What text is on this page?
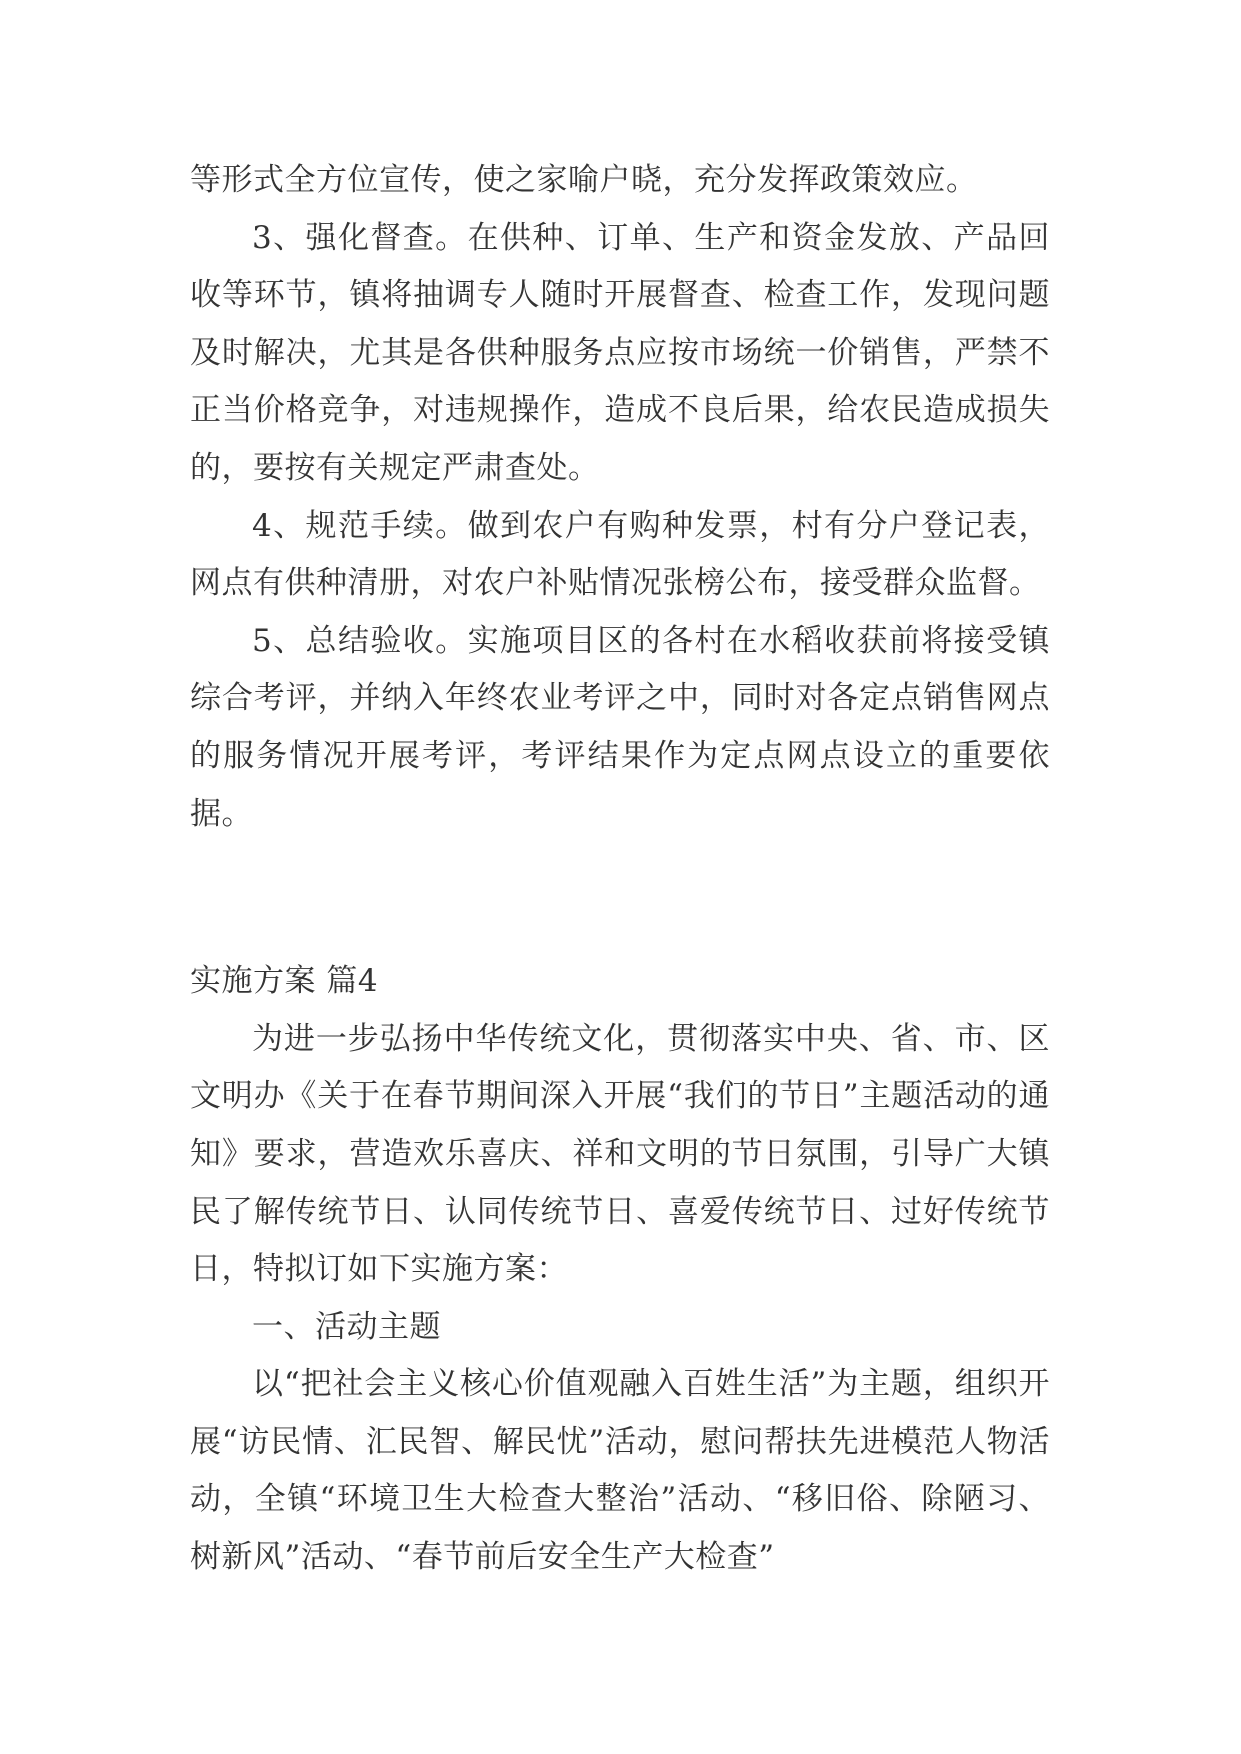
等形式全方位宣传，使之家喻户晓，充分发挥政策效应。

3、强化督查。在供种、订单、生产和资金发放、产品回收等环节，镇将抽调专人随时开展督查、检查工作，发现问题及时解决，尤其是各供种服务点应按市场统一价销售，严禁不正当价格竞争，对违规操作，造成不良后果，给农民造成损失的，要按有关规定严肃查处。

4、规范手续。做到农户有购种发票，村有分户登记表，网点有供种清册，对农户补贴情况张榜公布，接受群众监督。

5、总结验收。实施项目区的各村在水稻收获前将接受镇综合考评，并纳入年终农业考评之中，同时对各定点销售网点的服务情况开展考评，考评结果作为定点网点设立的重要依据。

实施方案 篇4

为进一步弘扬中华传统文化，贯彻落实中央、省、市、区文明办《关于在春节期间深入开展“我们的节日”主题活动的通知》要求，营造欢乐喜庆、祥和文明的节日氛围，引导广大镇民了解传统节日、认同传统节日、喜爱传统节日、过好传统节日，特拟订如下实施方案：

一、活动主题

以“把社会主义核心价值观融入百姓生活”为主题，组织开展“访民情、汇民智、解民忧”活动，慰问帮扶先进模范人物活动，全镇“环境卫生大检查大整治”活动、“移旧俗、除陋习、树新风”活动、“春节前后安全生产大检查”
